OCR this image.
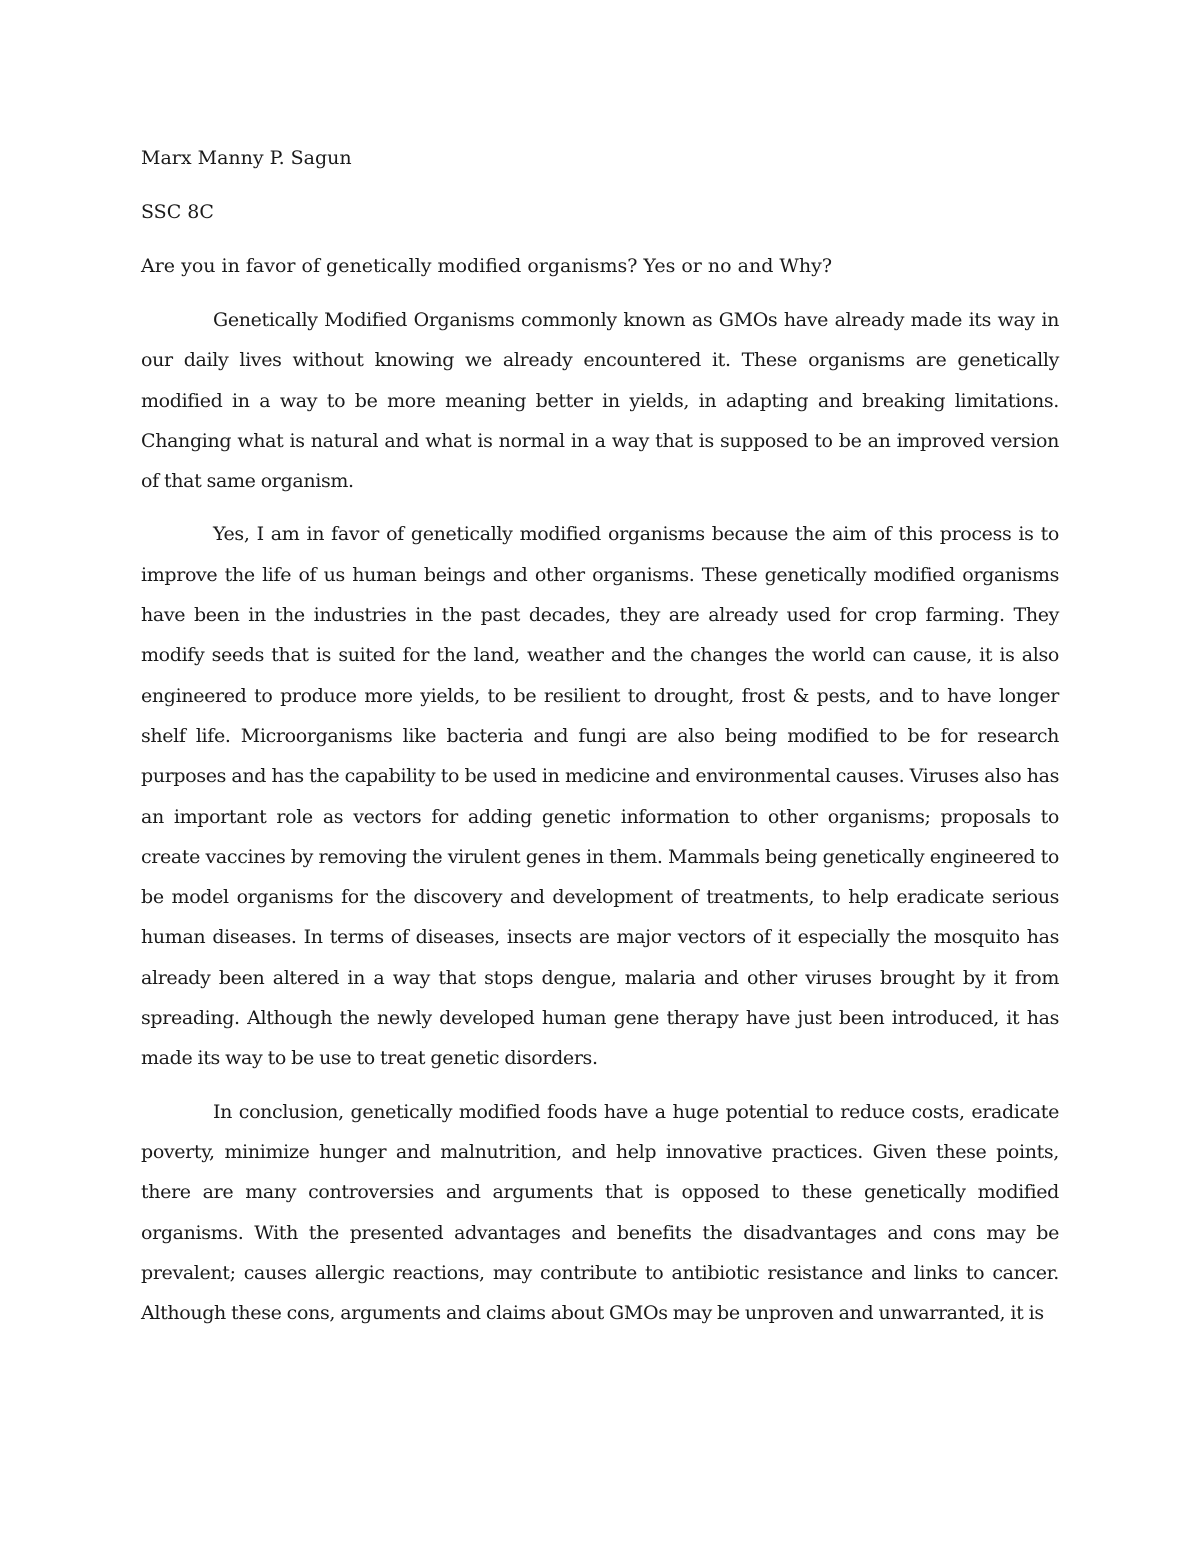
Marx Manny P. Sagun

SSC 8C

Are you in favor of genetically modified organisms? Yes or no and Why?

Genetically Modified Organisms commonly known as GMOs have already made its way in our daily lives without knowing we already encountered it. These organisms are genetically modified in a way to be more meaning better in yields, in adapting and breaking limitations. Changing what is natural and what is normal in a way that is supposed to be an improved version of that same organism.

Yes, I am in favor of genetically modified organisms because the aim of this process is to improve the life of us human beings and other organisms. These genetically modified organisms have been in the industries in the past decades, they are already used for crop farming. They modify seeds that is suited for the land, weather and the changes the world can cause, it is also engineered to produce more yields, to be resilient to drought, frost & pests, and to have longer shelf life. Microorganisms like bacteria and fungi are also being modified to be for research purposes and has the capability to be used in medicine and environmental causes. Viruses also has an important role as vectors for adding genetic information to other organisms; proposals to create vaccines by removing the virulent genes in them. Mammals being genetically engineered to be model organisms for the discovery and development of treatments, to help eradicate serious human diseases. In terms of diseases, insects are major vectors of it especially the mosquito has already been altered in a way that stops dengue, malaria and other viruses brought by it from spreading. Although the newly developed human gene therapy have just been introduced, it has made its way to be use to treat genetic disorders.

In conclusion, genetically modified foods have a huge potential to reduce costs, eradicate poverty, minimize hunger and malnutrition, and help innovative practices. Given these points, there are many controversies and arguments that is opposed to these genetically modified organisms. With the presented advantages and benefits the disadvantages and cons may be prevalent; causes allergic reactions, may contribute to antibiotic resistance and links to cancer. Although these cons, arguments and claims about GMOs may be unproven and unwarranted, it is
